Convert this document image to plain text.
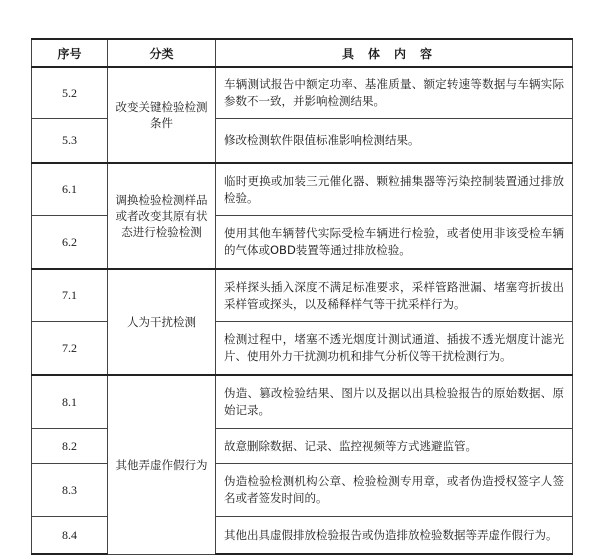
序号	分类	具体内容
5.2	改变关键检验检测条件	车辆测试报告中额定功率、基准质量、额定转速等数据与车辆实际参数不一致，并影响检测结果。
5.3		修改检测软件限值标准影响检测结果。
6.1	调换检验检测样品或者改变其原有状态进行检验检测	临时更换或加装三元催化器、颗粒捕集器等污染控制装置通过排放检验。
6.2		使用其他车辆替代实际受检车辆进行检验，或者使用非该受检车辆的气体或OBD装置等通过排放检验。
7.1	人为干扰检测	采样探头插入深度不满足标准要求，采样管路泄漏、堵塞弯折拔出采样管或探头，以及稀释样气等干扰采样行为。
7.2		检测过程中，堵塞不透光烟度计测试通道、插拔不透光烟度计滤光片、使用外力干扰测功机和排气分析仪等干扰检测行为。
8.1	其他弄虚作假行为	伪造、篡改检验结果、图片以及据以出具检验报告的原始数据、原始记录。
8.2		故意删除数据、记录、监控视频等方式逃避监管。
8.3		伪造检验检测机构公章、检验检测专用章，或者伪造授权签字人签名或者签发时间的。
8.4		其他出具虚假排放检验报告或伪造排放检验数据等弄虚作假行为。
